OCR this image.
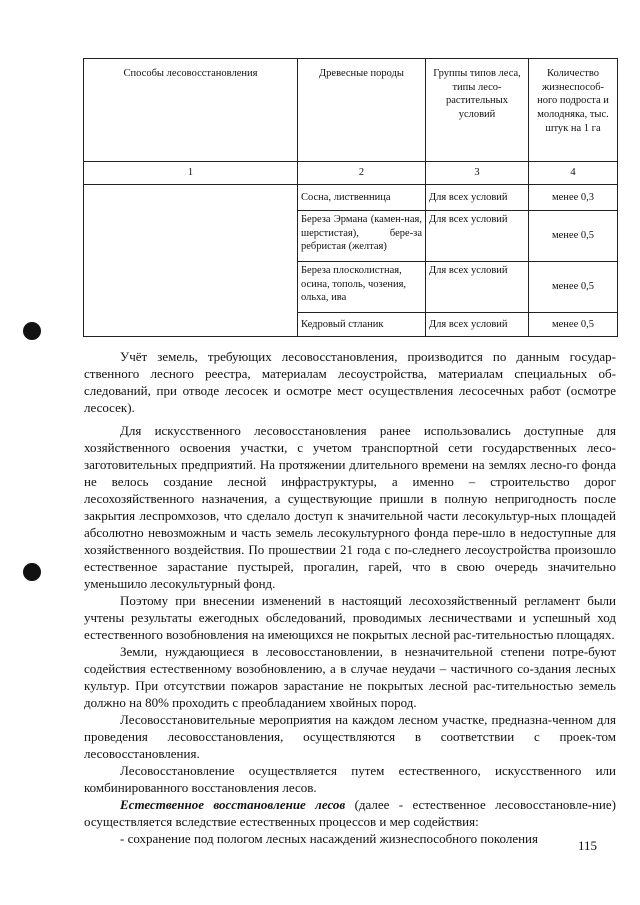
Способы лесовосстановления	Древесные породы	Группы типов леса, типы лесо-растительных условий	Количество жизнеспособ-ного подроста и молодняка, тыс. штук на 1 га
1	2	3	4
	Сосна, лиственница	Для всех условий	менее 0,3
	Береза Эрмана (камен-ная, шерстистая), бере-за ребристая (желтая)	Для всех условий	менее 0,5
	Береза плосколистная, осина, тополь, чозения, ольха, ива	Для всех условий	менее 0,5
	Кедровый стланик	Для всех условий	менее 0,5

Учёт земель, требующих лесовосстановления, производится по данным государ-ственного лесного реестра, материалам лесоустройства, материалам специальных об-следований, при отводе лесосек и осмотре мест осуществления лесосечных работ (осмотре лесосек).

Для искусственного лесовосстановления ранее использовались доступные для хозяйственного освоения участки, с учетом транспортной сети государственных лесо-заготовительных предприятий. На протяжении длительного времени на землях лесно-го фонда не велось создание лесной инфраструктуры, а именно – строительство дорог лесохозяйственного назначения, а существующие пришли в полную непригодность после закрытия леспромхозов, что сделало доступ к значительной части лесокультур-ных площадей абсолютно невозможным и часть земель лесокультурного фонда пере-шло в недоступные для хозяйственного воздействия. По прошествии 21 года с по-следнего лесоустройства произошло естественное зарастание пустырей, прогалин, гарей, что в свою очередь значительно уменьшило лесокультурный фонд.

Поэтому при внесении изменений в настоящий лесохозяйственный регламент были учтены результаты ежегодных обследований, проводимых лесничествами и успешный ход естественного возобновления на имеющихся не покрытых лесной рас-тительностью площадях.

Земли, нуждающиеся в лесовосстановлении, в незначительной степени потре-буют содействия естественному возобновлению, а в случае неудачи – частичного со-здания лесных культур. При отсутствии пожаров зарастание не покрытых лесной рас-тительностью земель должно на 80% проходить с преобладанием хвойных пород.

Лесовосстановительные мероприятия на каждом лесном участке, предназна-ченном для проведения лесовосстановления, осуществляются в соответствии с проек-том лесовосстановления.

Лесовосстановление осуществляется путем естественного, искусственного или комбинированного восстановления лесов.

Естественное восстановление лесов (далее - естественное лесовосстановле-ние) осуществляется вследствие естественных процессов и мер содействия:

- сохранение под пологом лесных насаждений жизнеспособного поколения	115
